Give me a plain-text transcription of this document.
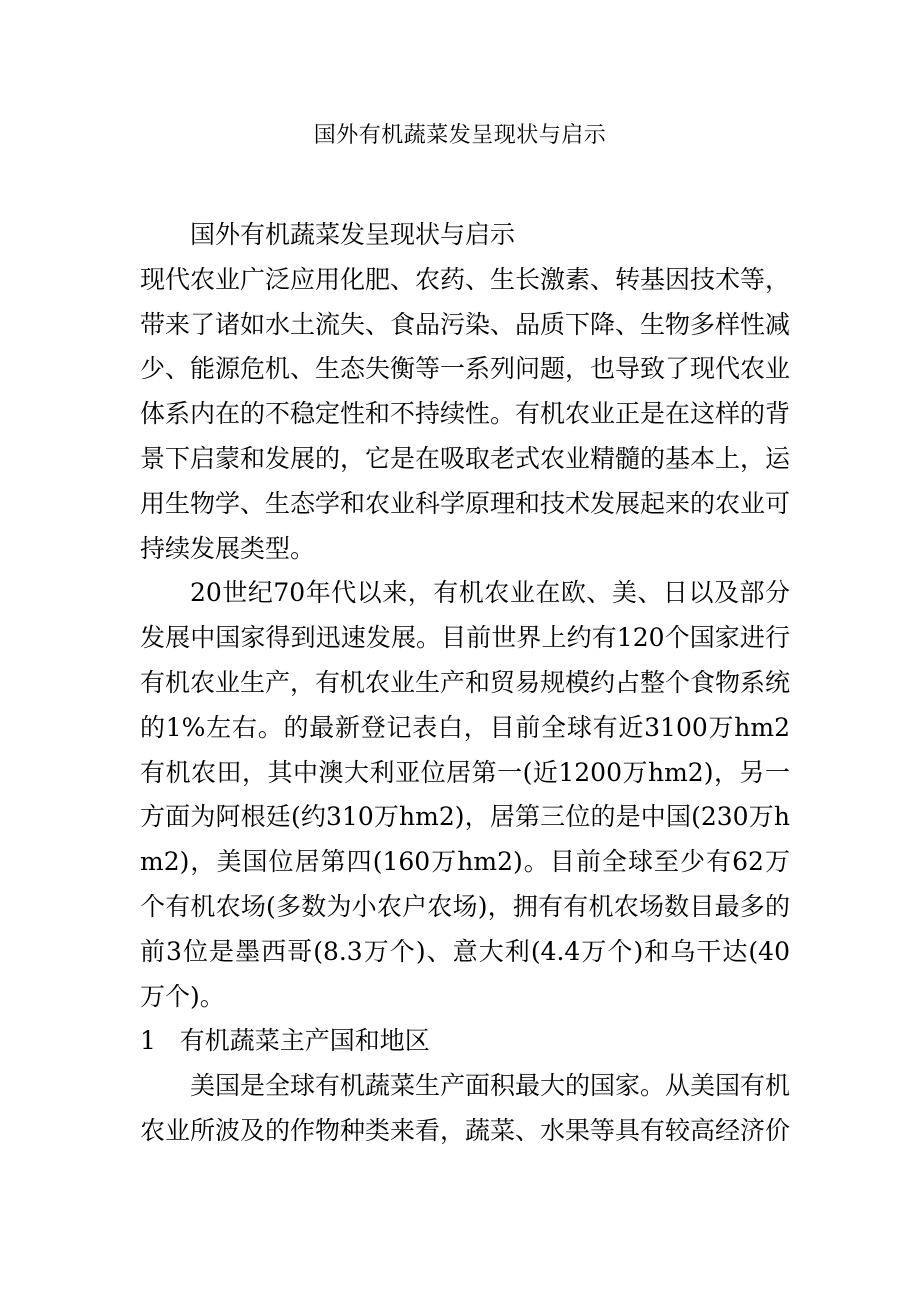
国外有机蔬菜发呈现状与启示

国外有机蔬菜发呈现状与启示

现代农业广泛应用化肥、农药、生长激素、转基因技术等，带来了诸如水土流失、食品污染、品质下降、生物多样性减少、能源危机、生态失衡等一系列问题，也导致了现代农业体系内在的不稳定性和不持续性。有机农业正是在这样的背景下启蒙和发展的，它是在吸取老式农业精髓的基本上，运用生物学、生态学和农业科学原理和技术发展起来的农业可持续发展类型。

20世纪70年代以来，有机农业在欧、美、日以及部分发展中国家得到迅速发展。目前世界上约有120个国家进行有机农业生产，有机农业生产和贸易规模约占整个食物系统的1%左右。的最新登记表白，目前全球有近3100万hm2有机农田，其中澳大利亚位居第一(近1200万hm2)，另一方面为阿根廷(约310万hm2)，居第三位的是中国(230万hm2)，美国位居第四(160万hm2)。目前全球至少有62万个有机农场(多数为小农户农场)，拥有有机农场数目最多的前3位是墨西哥(8.3万个)、意大利(4.4万个)和乌干达(40万个)。

1   有机蔬菜主产国和地区

美国是全球有机蔬菜生产面积最大的国家。从美国有机农业所波及的作物种类来看，蔬菜、水果等具有较高经济价
